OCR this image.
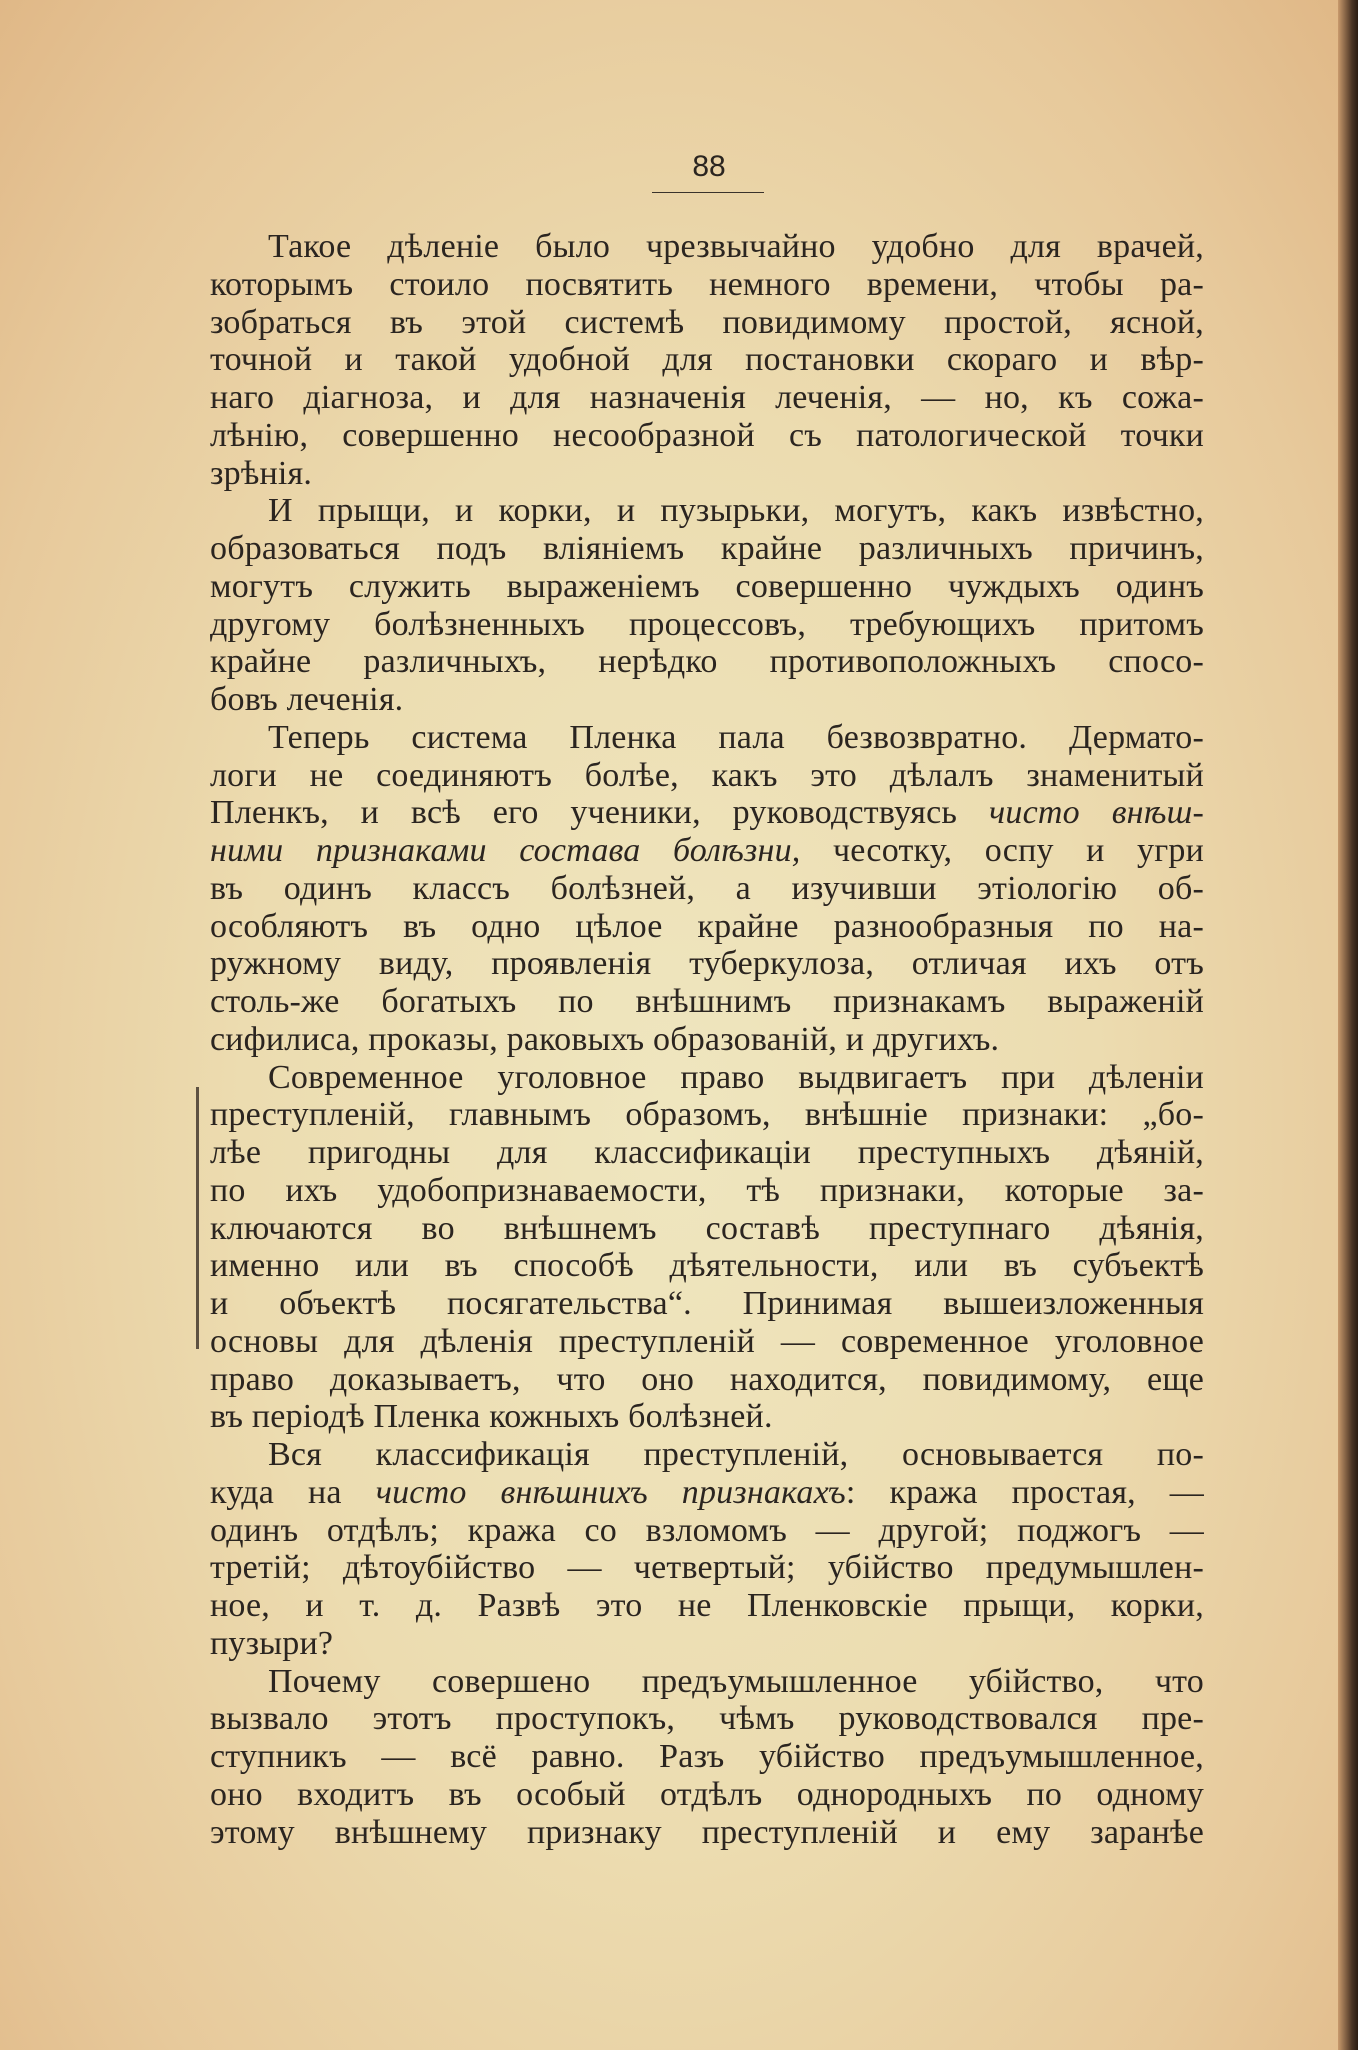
88
Такое дѣленіе было чрезвычайно удобно для врачей,
которымъ стоило посвятить немного времени, чтобы ра-
зобраться въ этой системѣ повидимому простой, ясной,
точной и такой удобной для постановки скораго и вѣр-
наго діагноза, и для назначенія леченія, — но, къ сожа-
лѣнію, совершенно несообразной съ патологической точки
зрѣнія.
И прыщи, и корки, и пузырьки, могутъ, какъ извѣстно,
образоваться подъ вліяніемъ крайне различныхъ причинъ,
могутъ служить выраженіемъ совершенно чуждыхъ одинъ
другому болѣзненныхъ процессовъ, требующихъ притомъ
крайне различныхъ, нерѣдко противоположныхъ спосо-
бовъ леченія.
Теперь система Пленка пала безвозвратно. Дермато-
логи не соединяютъ болѣе, какъ это дѣлалъ знаменитый
Пленкъ, и всѣ его ученики, руководствуясь чисто внѣш-
ними признаками состава болѣзни, чесотку, оспу и угри
въ одинъ классъ болѣзней, а изучивши этіологію об-
особляютъ въ одно цѣлое крайне разнообразныя по на-
ружному виду, проявленія туберкулоза, отличая ихъ отъ
столь-же богатыхъ по внѣшнимъ признакамъ выраженій
сифилиса, проказы, раковыхъ образованій, и другихъ.
Современное уголовное право выдвигаетъ при дѣленіи
преступленій, главнымъ образомъ, внѣшніе признаки: „бо-
лѣе пригодны для классификаціи преступныхъ дѣяній,
по ихъ удобопризнаваемости, тѣ признаки, которые за-
ключаются во внѣшнемъ составѣ преступнаго дѣянія,
именно или въ способѣ дѣятельности, или въ субъектѣ
и объектѣ посягательства“. Принимая вышеизложенныя
основы для дѣленія преступленій — современное уголовное
право доказываетъ, что оно находится, повидимому, еще
въ періодѣ Пленка кожныхъ болѣзней.
Вся классификація преступленій, основывается по-
куда на чисто внѣшнихъ признакахъ: кража простая, —
одинъ отдѣлъ; кража со взломомъ — другой; поджогъ —
третій; дѣтоубійство — четвертый; убійство предумышлен-
ное, и т. д. Развѣ это не Пленковскіе прыщи, корки,
пузыри?
Почему совершено предъумышленное убійство, что
вызвало этотъ проступокъ, чѣмъ руководствовался пре-
ступникъ — всё равно. Разъ убійство предъумышленное,
оно входитъ въ особый отдѣлъ однородныхъ по одному
этому внѣшнему признаку преступленій и ему заранѣе
